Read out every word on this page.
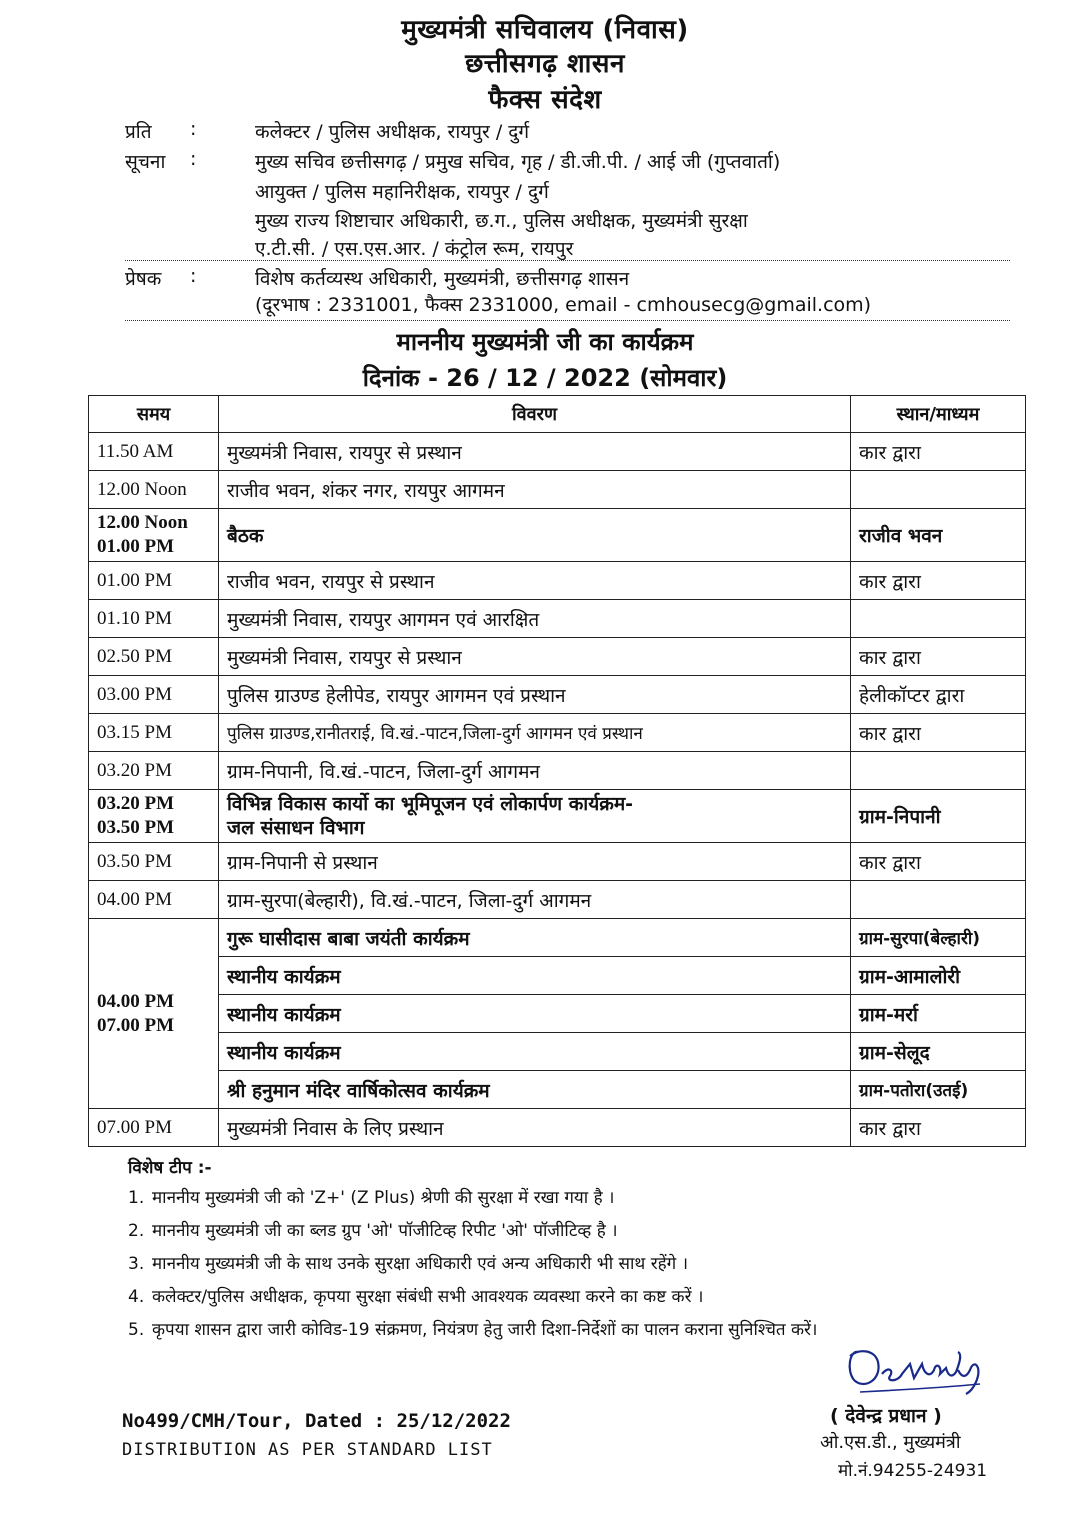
मुख्यमंत्री सचिवालय (निवास)
छत्तीसगढ़ शासन
फैक्स संदेश
प्रति	:	कलेक्टर / पुलिस अधीक्षक, रायपुर / दुर्ग
सूचना	:	मुख्य सचिव छत्तीसगढ़ / प्रमुख सचिव, गृह / डी.जी.पी. / आई जी (गुप्तवार्ता)
आयुक्त / पुलिस महानिरीक्षक, रायपुर / दुर्ग
मुख्य राज्य शिष्टाचार अधिकारी, छ.ग., पुलिस अधीक्षक, मुख्यमंत्री सुरक्षा
ए.टी.सी. / एस.एस.आर. / कंट्रोल रूम, रायपुर
प्रेषक	:	विशेष कर्तव्यस्थ अधिकारी, मुख्यमंत्री, छत्तीसगढ़ शासन
(दूरभाष : 2331001, फैक्स 2331000, email - cmhousecg@gmail.com)
माननीय मुख्यमंत्री जी का कार्यक्रम
दिनांक - 26 / 12 / 2022 (सोमवार)
समय	विवरण	स्थान/माध्यम
11.50 AM	मुख्यमंत्री निवास, रायपुर से प्रस्थान	कार द्वारा
12.00 Noon	राजीव भवन, शंकर नगर, रायपुर आगमन	

12.00 Noon
01.00 PM	बैठक	राजीव भवन
01.00 PM	राजीव भवन, रायपुर से प्रस्थान	कार द्वारा
01.10 PM	मुख्यमंत्री निवास, रायपुर आगमन एवं आरक्षित	
02.50 PM	मुख्यमंत्री निवास, रायपुर से प्रस्थान	कार द्वारा
03.00 PM	पुलिस ग्राउण्ड हेलीपेड, रायपुर आगमन एवं प्रस्थान	हेलीकॉप्टर द्वारा
03.15 PM	पुलिस ग्राउण्ड,रानीतराई, वि.खं.-पाटन,जिला-दुर्ग आगमन एवं प्रस्थान	कार द्वारा
03.20 PM	ग्राम-निपानी, वि.खं.-पाटन, जिला-दुर्ग आगमन	

03.20 PM
03.50 PM	विभिन्न विकास कार्यो का भूमिपूजन एवं लोकार्पण कार्यक्रम-
जल संसाधन विभाग	ग्राम-निपानी
03.50 PM	ग्राम-निपानी से प्रस्थान	कार द्वारा
04.00 PM	ग्राम-सुरपा(बेल्हारी), वि.खं.-पाटन, जिला-दुर्ग आगमन	

04.00 PM
07.00 PM	गुरू घासीदास बाबा जयंती कार्यक्रम	ग्राम-सुरपा(बेल्हारी)
	स्थानीय कार्यक्रम	ग्राम-आमालोरी
	स्थानीय कार्यक्रम	ग्राम-मर्रा
	स्थानीय कार्यक्रम	ग्राम-सेलूद
	श्री हनुमान मंदिर वार्षिकोत्सव कार्यक्रम	ग्राम-पतोरा(उतई)
07.00 PM	मुख्यमंत्री निवास के लिए प्रस्थान	कार द्वारा
विशेष टीप :-
1. माननीय मुख्यमंत्री जी को 'Z+' (Z Plus) श्रेणी की सुरक्षा में रखा गया है ।
2. माननीय मुख्यमंत्री जी का ब्लड ग्रुप 'ओ' पॉजीटिव्ह रिपीट 'ओ' पॉजीटिव्ह है ।
3. माननीय मुख्यमंत्री जी के साथ उनके सुरक्षा अधिकारी एवं अन्य अधिकारी भी साथ रहेंगे ।
4. कलेक्टर/पुलिस अधीक्षक, कृपया सुरक्षा संबंधी सभी आवश्यक व्यवस्था करने का कष्ट करें ।
5. कृपया शासन द्वारा जारी कोविड-19 संक्रमण, नियंत्रण हेतु जारी दिशा-निर्देशों का पालन कराना सुनिश्चित करें।
( देवेन्द्र प्रधान )
ओ.एस.डी., मुख्यमंत्री
मो.नं.94255-24931
No499/CMH/Tour, Dated : 25/12/2022
DISTRIBUTION AS PER STANDARD LIST
